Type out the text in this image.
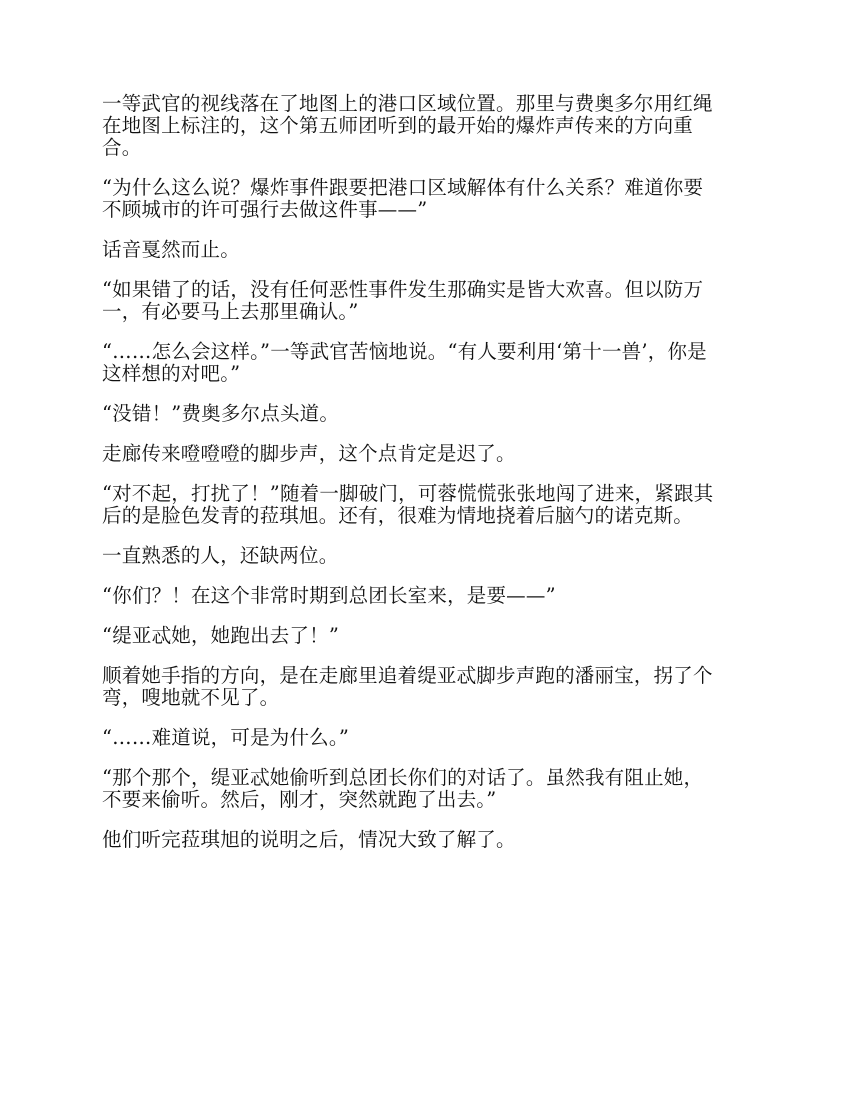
一等武官的视线落在了地图上的港口区域位置。那里与费奥多尔用红绳
在地图上标注的，这个第五师团听到的最开始的爆炸声传来的方向重
合。

“为什么这么说？爆炸事件跟要把港口区域解体有什么关系？难道你要
不顾城市的许可强行去做这件事——”

话音戛然而止。

“如果错了的话，没有任何恶性事件发生那确实是皆大欢喜。但以防万
一，有必要马上去那里确认。”

“……怎么会这样。”一等武官苦恼地说。“有人要利用‘第十一兽’，你是
这样想的对吧。”

“没错！”费奥多尔点头道。

走廊传来噔噔噔的脚步声，这个点肯定是迟了。

“对不起，打扰了！”随着一脚破门，可蓉慌慌张张地闯了进来，紧跟其
后的是脸色发青的菈琪旭。还有，很难为情地挠着后脑勺的诺克斯。

一直熟悉的人，还缺两位。

“你们？！在这个非常时期到总团长室来，是要——”

“缇亚忒她，她跑出去了！”

顺着她手指的方向，是在走廊里追着缇亚忒脚步声跑的潘丽宝，拐了个
弯，嗖地就不见了。

“……难道说，可是为什么。”

“那个那个，缇亚忒她偷听到总团长你们的对话了。虽然我有阻止她，
不要来偷听。然后，刚才，突然就跑了出去。”

他们听完菈琪旭的说明之后，情况大致了解了。
